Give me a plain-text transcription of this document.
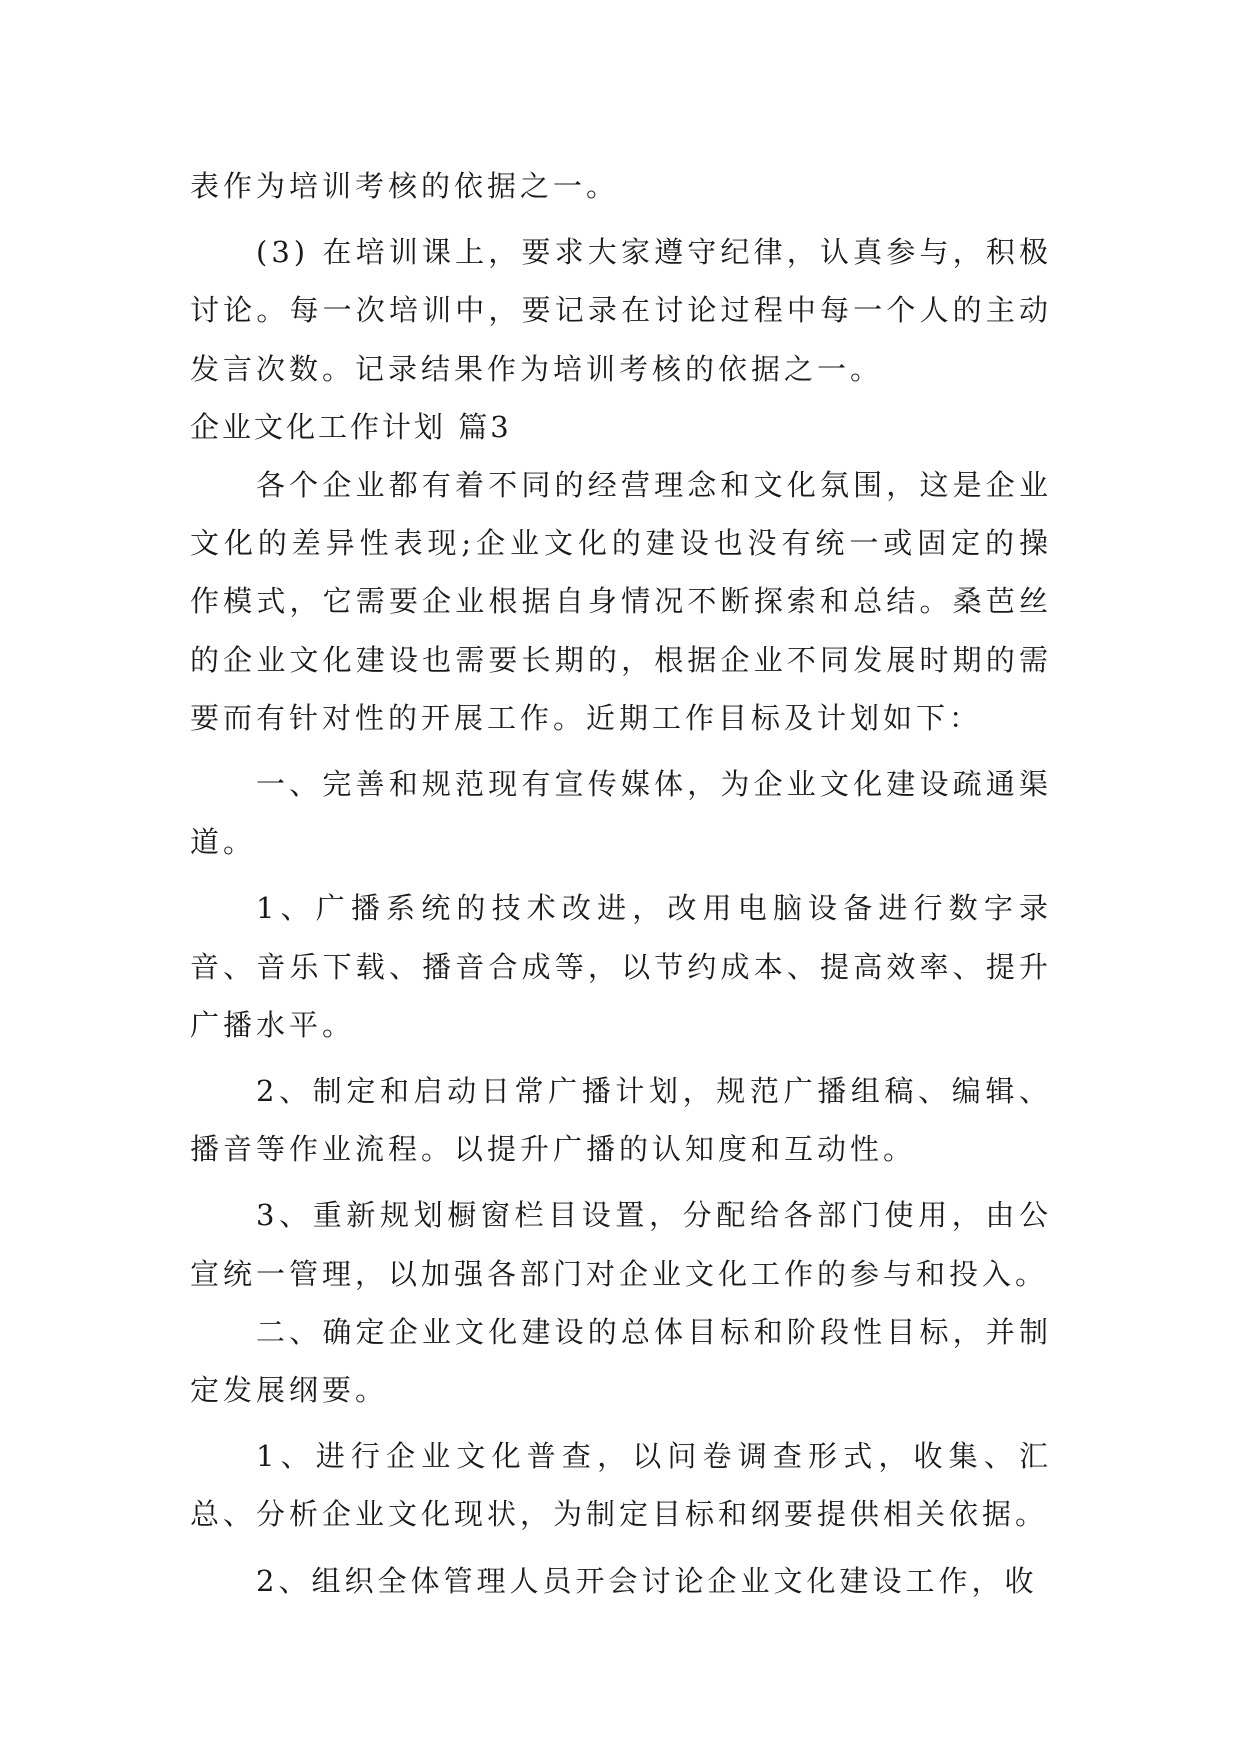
表作为培训考核的依据之一。

(3) 在培训课上，要求大家遵守纪律，认真参与，积极讨论。每一次培训中，要记录在讨论过程中每一个人的主动发言次数。记录结果作为培训考核的依据之一。

企业文化工作计划 篇3

各个企业都有着不同的经营理念和文化氛围，这是企业文化的差异性表现;企业文化的建设也没有统一或固定的操作模式，它需要企业根据自身情况不断探索和总结。桑芭丝的企业文化建设也需要长期的，根据企业不同发展时期的需要而有针对性的开展工作。近期工作目标及计划如下：

一、完善和规范现有宣传媒体，为企业文化建设疏通渠道。

1、广播系统的技术改进，改用电脑设备进行数字录音、音乐下载、播音合成等，以节约成本、提高效率、提升广播水平。

2、制定和启动日常广播计划，规范广播组稿、编辑、播音等作业流程。以提升广播的认知度和互动性。

3、重新规划橱窗栏目设置，分配给各部门使用，由公宣统一管理，以加强各部门对企业文化工作的参与和投入。

二、确定企业文化建设的总体目标和阶段性目标，并制定发展纲要。

1、进行企业文化普查，以问卷调查形式，收集、汇总、分析企业文化现状，为制定目标和纲要提供相关依据。

2、组织全体管理人员开会讨论企业文化建设工作，收
